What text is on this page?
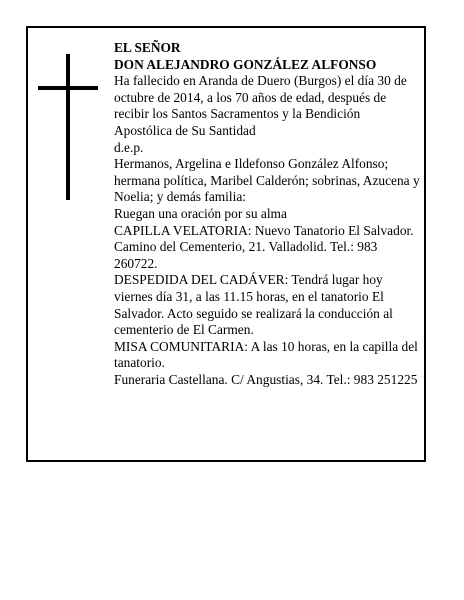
EL SEÑOR

DON ALEJANDRO GONZÁLEZ ALFONSO

Ha fallecido en Aranda de Duero (Burgos) el día 30 de octubre de 2014, a los 70 años de edad, después de recibir los Santos Sacramentos y la Bendición Apostólica de Su Santidad

d.e.p.

Hermanos, Argelina e Ildefonso González Alfonso; hermana política, Maribel Calderón; sobrinas, Azucena y Noelia; y demás familia:

Ruegan una oración por su alma

CAPILLA VELATORIA: Nuevo Tanatorio El Salvador. Camino del Cementerio, 21. Valladolid. Tel.: 983 260722.

DESPEDIDA DEL CADÁVER: Tendrá lugar hoy viernes día 31, a las 11.15 horas, en el tanatorio El Salvador. Acto seguido se realizará la conducción al cementerio de El Carmen.

MISA COMUNITARIA: A las 10 horas, en la capilla del tanatorio.

Funeraria Castellana. C/ Angustias, 34. Tel.: 983 251225
